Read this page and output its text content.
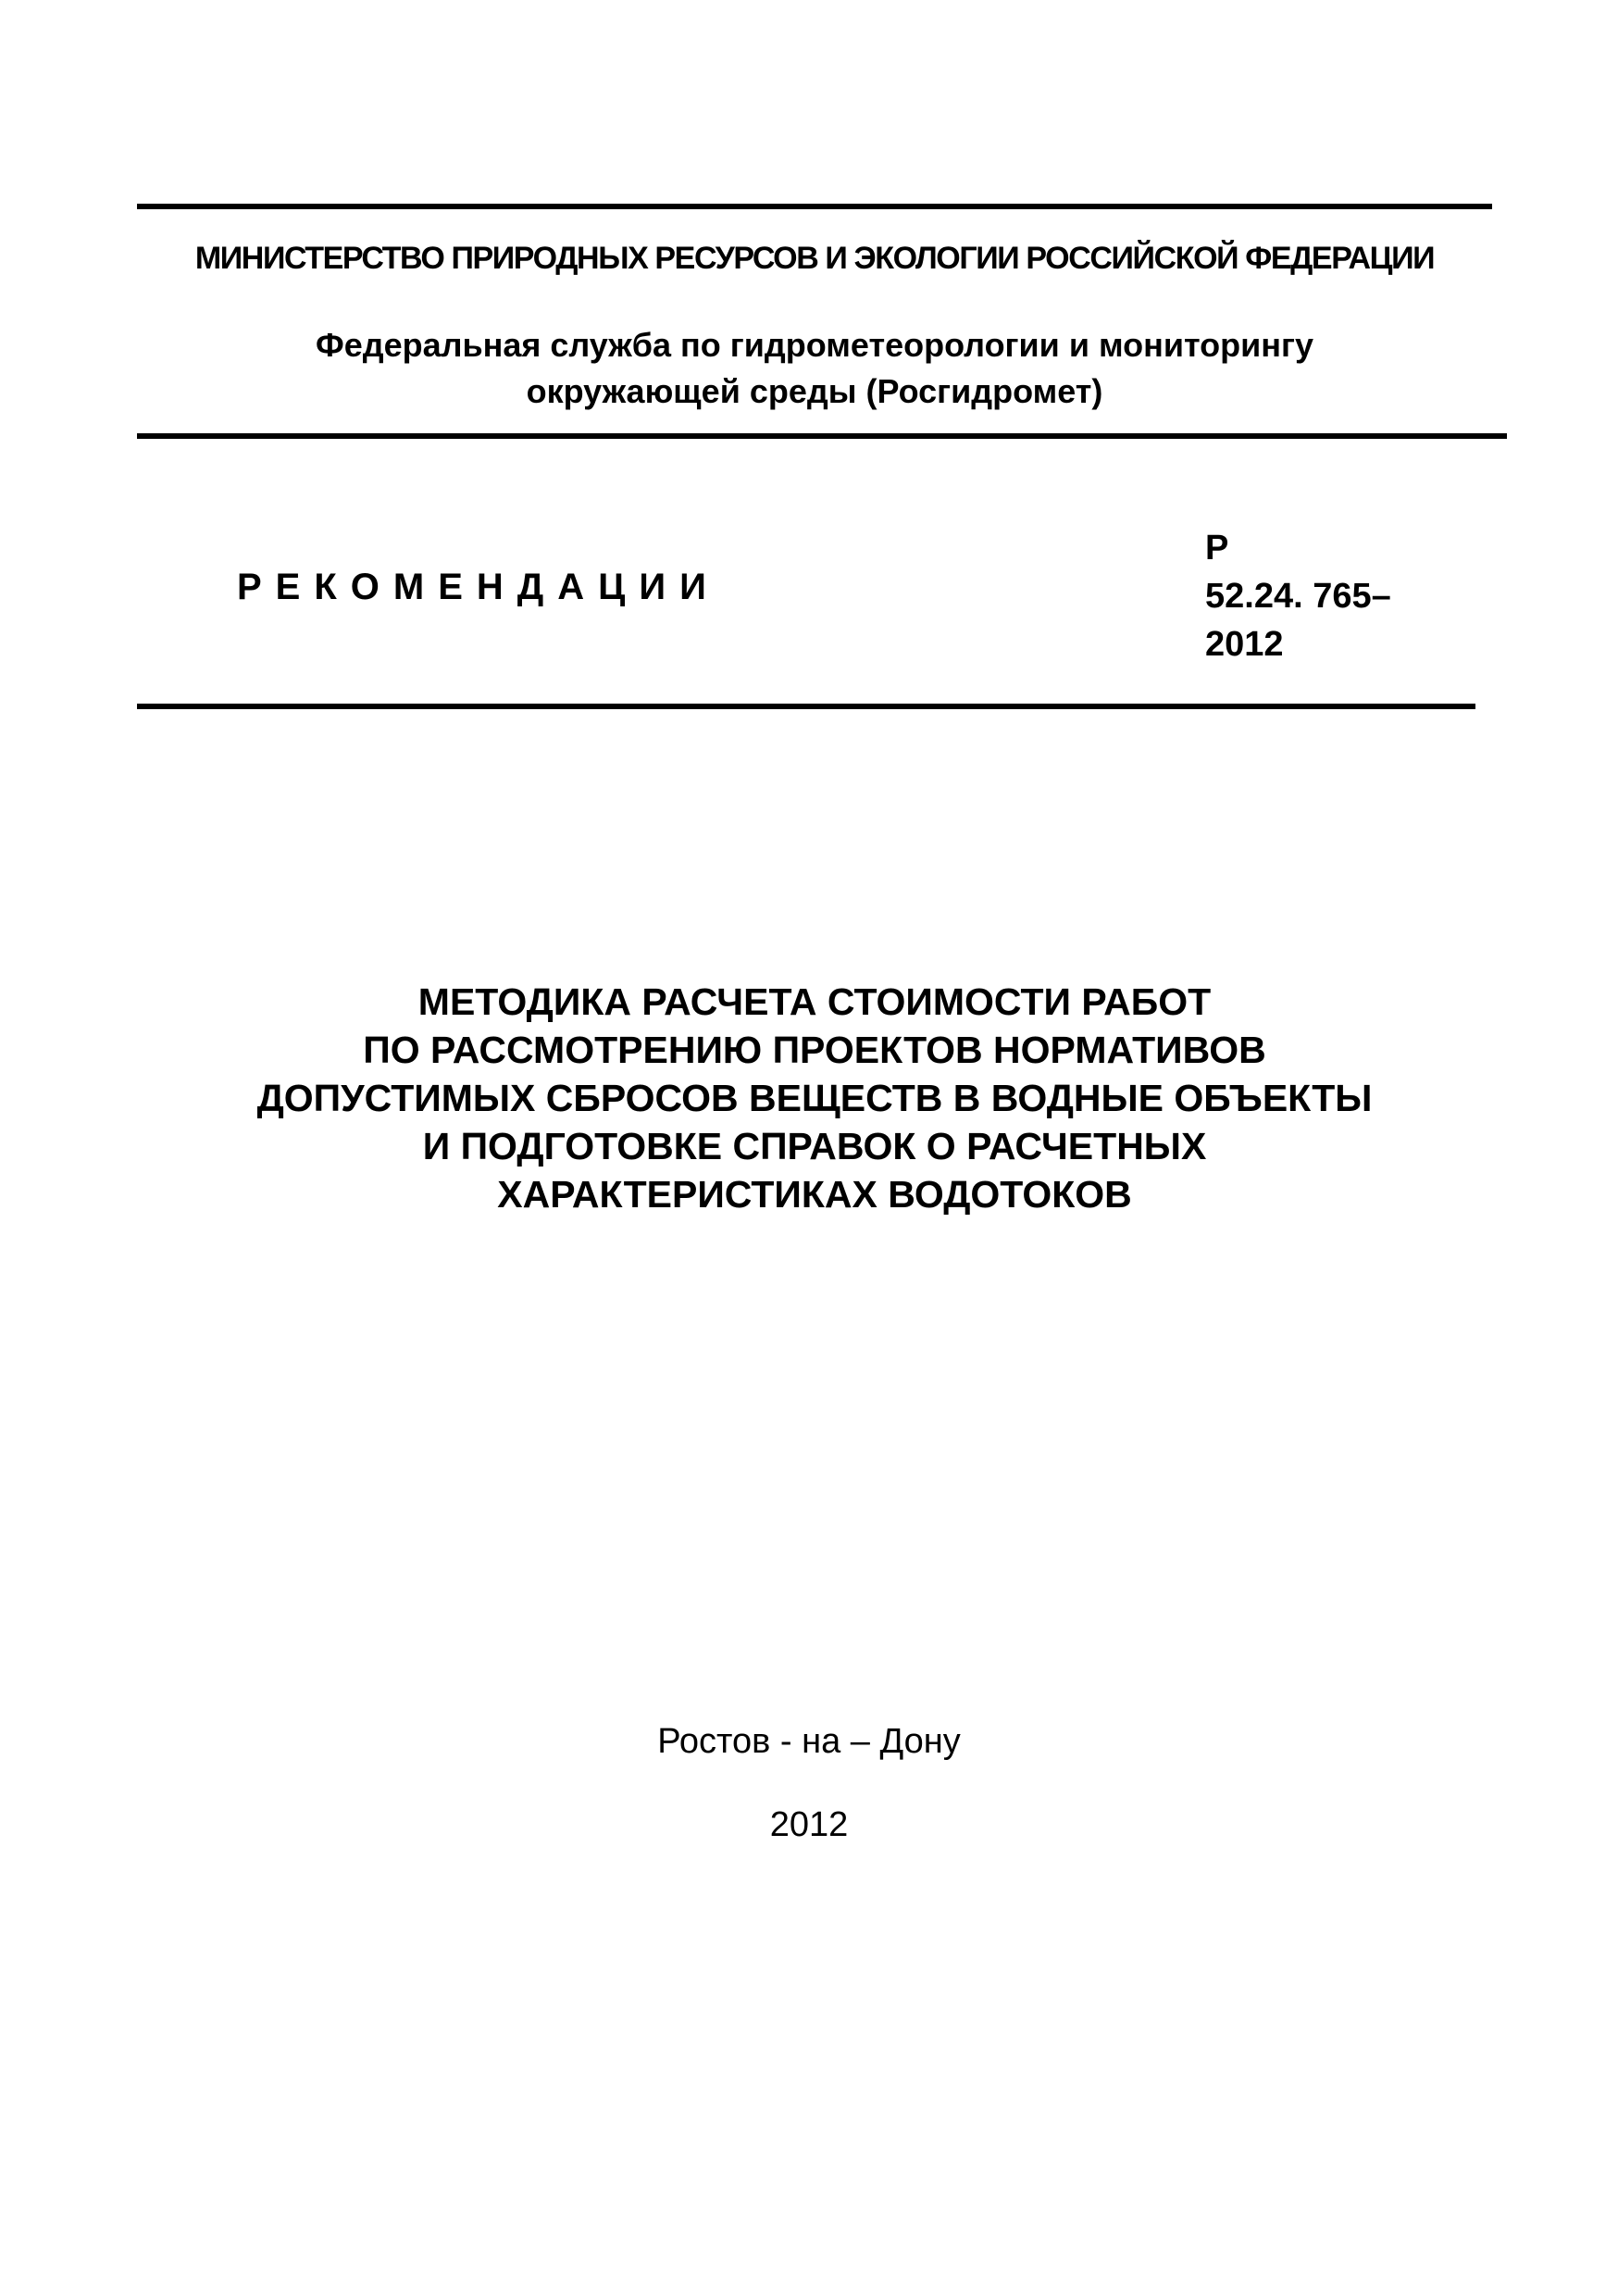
МИНИСТЕРСТВО ПРИРОДНЫХ РЕСУРСОВ И ЭКОЛОГИИ РОССИЙСКОЙ ФЕДЕРАЦИИ
Федеральная служба по гидрометеорологии и мониторингу
окружающей среды (Росгидромет)
РЕКОМЕНДАЦИИ
Р
52.24. 765–
2012
МЕТОДИКА РАСЧЕТА СТОИМОСТИ РАБОТ
ПО РАССМОТРЕНИЮ ПРОЕКТОВ НОРМАТИВОВ
ДОПУСТИМЫХ СБРОСОВ ВЕЩЕСТВ В ВОДНЫЕ ОБЪЕКТЫ
И ПОДГОТОВКЕ СПРАВОК О РАСЧЕТНЫХ
ХАРАКТЕРИСТИКАХ ВОДОТОКОВ
Ростов - на – Дону
2012
